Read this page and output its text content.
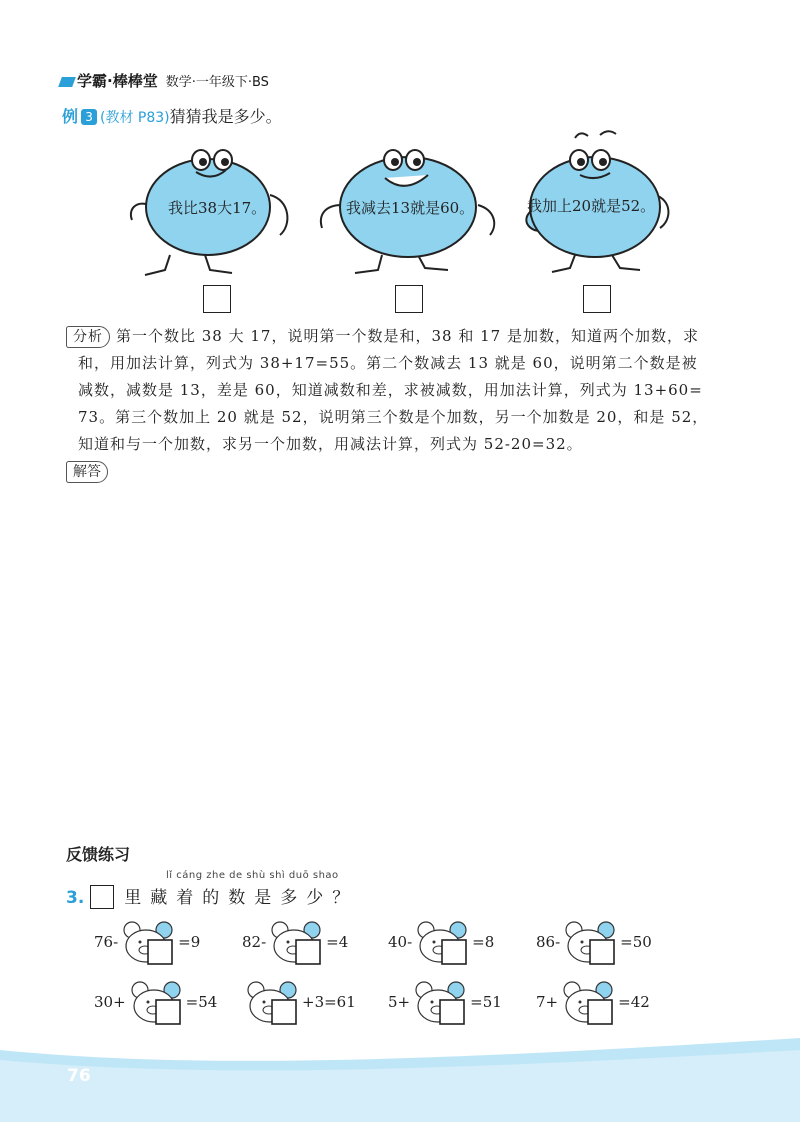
学霸·棒棒堂 数学·一年级下·BS
例 3 (教材 P83)猜猜我是多少。
我比38大17。	我减去13就是60。	我加上20就是52。
分析 第一个数比 38 大 17，说明第一个数是和，38 和 17 是加数，知道两个加数，求
和，用加法计算，列式为 38+17=55。第二个数减去 13 就是 60，说明第二个数是被
减数，减数是 13，差是 60，知道减数和差，求被减数，用加法计算，列式为 13+60=
73。第三个数加上 20 就是 52，说明第三个数是个加数，另一个加数是 20，和是 52，
知道和与一个加数，求另一个加数，用减法计算，列式为 52-20=32。
解答
反馈练习
lǐ cáng zhe de shù shì duō shao
3. 里藏着的数是多少？
76-	=9	82-	=4	40-	=8	86-	=50
30+	=54	+3=61 5+	=51 7+	=42
76
